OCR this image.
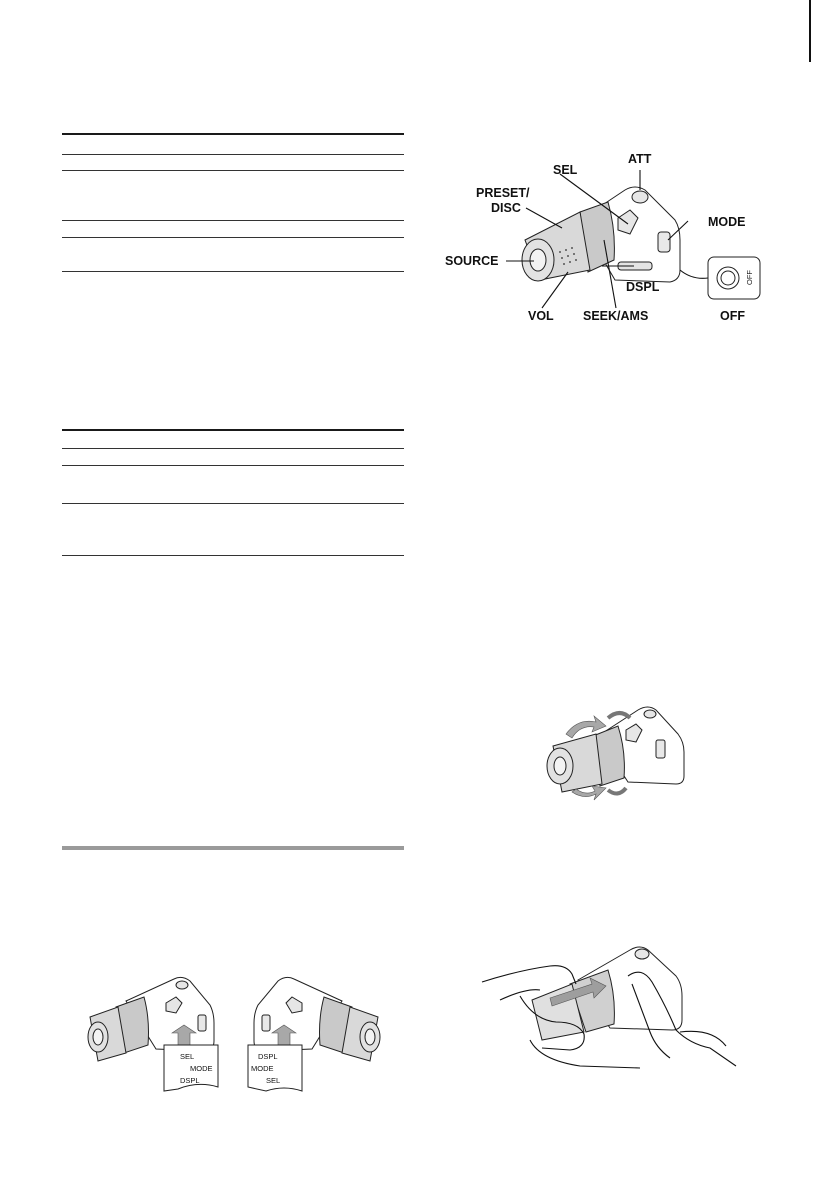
OFF
ATT
SEL
PRESET/
DISC
MODE
SOURCE
DSPL
VOL SEEK/AMS	OFF
SEL
MODE
DSPL
DSPL
MODE
SEL
